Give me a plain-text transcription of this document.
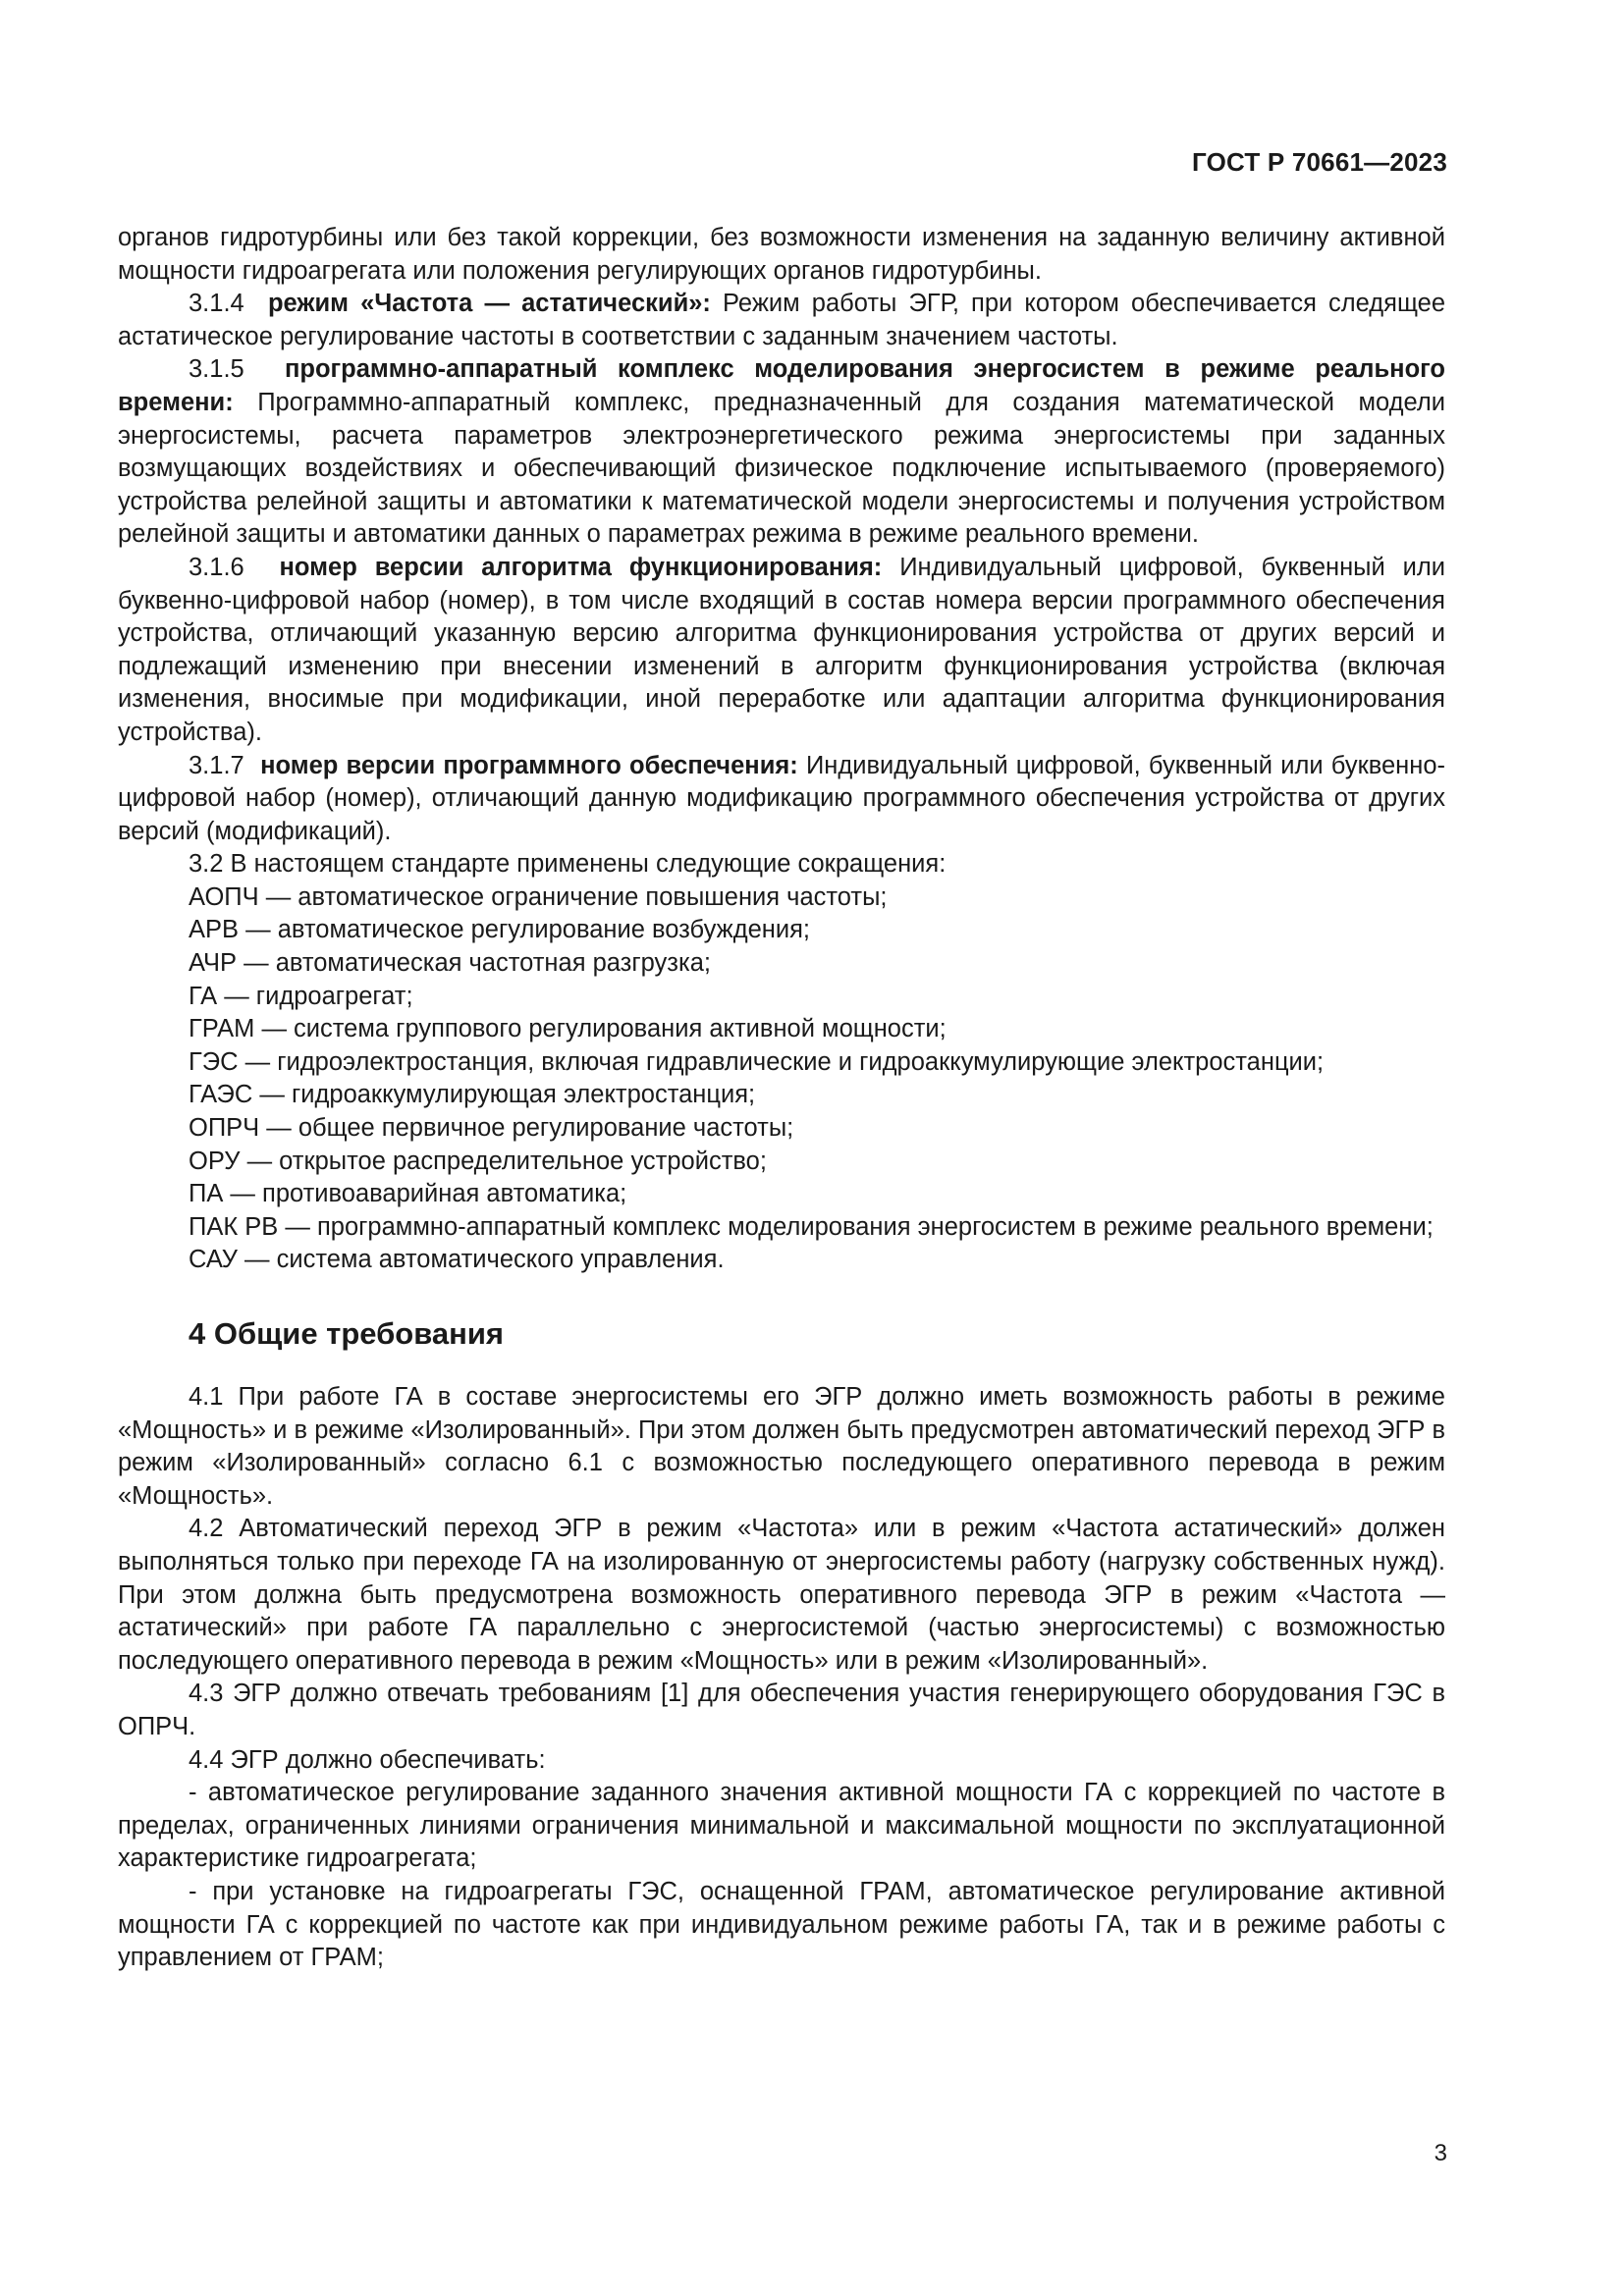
ГОСТ Р 70661—2023

органов гидротурбины или без такой коррекции, без возможности изменения на заданную величину активной мощности гидроагрегата или положения регулирующих органов гидротурбины.

3.1.4 режим «Частота — астатический»: Режим работы ЭГР, при котором обеспечивается следящее астатическое регулирование частоты в соответствии с заданным значением частоты.

3.1.5 программно-аппаратный комплекс моделирования энергосистем в режиме реального времени: Программно-аппаратный комплекс, предназначенный для создания математической модели энергосистемы, расчета параметров электроэнергетического режима энергосистемы при заданных возмущающих воздействиях и обеспечивающий физическое подключение испытываемого (проверяемого) устройства релейной защиты и автоматики к математической модели энергосистемы и получения устройством релейной защиты и автоматики данных о параметрах режима в режиме реального времени.

3.1.6 номер версии алгоритма функционирования: Индивидуальный цифровой, буквенный или буквенно-цифровой набор (номер), в том числе входящий в состав номера версии программного обеспечения устройства, отличающий указанную версию алгоритма функционирования устройства от других версий и подлежащий изменению при внесении изменений в алгоритм функционирования устройства (включая изменения, вносимые при модификации, иной переработке или адаптации алгоритма функционирования устройства).

3.1.7 номер версии программного обеспечения: Индивидуальный цифровой, буквенный или буквенно-цифровой набор (номер), отличающий данную модификацию программного обеспечения устройства от других версий (модификаций).

3.2 В настоящем стандарте применены следующие сокращения:

АОПЧ — автоматическое ограничение повышения частоты;

АРВ — автоматическое регулирование возбуждения;

АЧР — автоматическая частотная разгрузка;

ГА — гидроагрегат;

ГРАМ — система группового регулирования активной мощности;

ГЭС — гидроэлектростанция, включая гидравлические и гидроаккумулирующие электростанции;

ГАЭС — гидроаккумулирующая электростанция;

ОПРЧ — общее первичное регулирование частоты;

ОРУ — открытое распределительное устройство;

ПА — противоаварийная автоматика;

ПАК РВ — программно-аппаратный комплекс моделирования энергосистем в режиме реального времени;

САУ — система автоматического управления.

4 Общие требования

4.1 При работе ГА в составе энергосистемы его ЭГР должно иметь возможность работы в режиме «Мощность» и в режиме «Изолированный». При этом должен быть предусмотрен автоматический переход ЭГР в режим «Изолированный» согласно 6.1 с возможностью последующего оперативного перевода в режим «Мощность».

4.2 Автоматический переход ЭГР в режим «Частота» или в режим «Частота астатический» должен выполняться только при переходе ГА на изолированную от энергосистемы работу (нагрузку собственных нужд). При этом должна быть предусмотрена возможность оперативного перевода ЭГР в режим «Частота — астатический» при работе ГА параллельно с энергосистемой (частью энергосистемы) с возможностью последующего оперативного перевода в режим «Мощность» или в режим «Изолированный».

4.3 ЭГР должно отвечать требованиям [1] для обеспечения участия генерирующего оборудования ГЭС в ОПРЧ.

4.4 ЭГР должно обеспечивать:

- автоматическое регулирование заданного значения активной мощности ГА с коррекцией по частоте в пределах, ограниченных линиями ограничения минимальной и максимальной мощности по эксплуатационной характеристике гидроагрегата;

- при установке на гидроагрегаты ГЭС, оснащенной ГРАМ, автоматическое регулирование активной мощности ГА с коррекцией по частоте как при индивидуальном режиме работы ГА, так и в режиме работы с управлением от ГРАМ;

3
